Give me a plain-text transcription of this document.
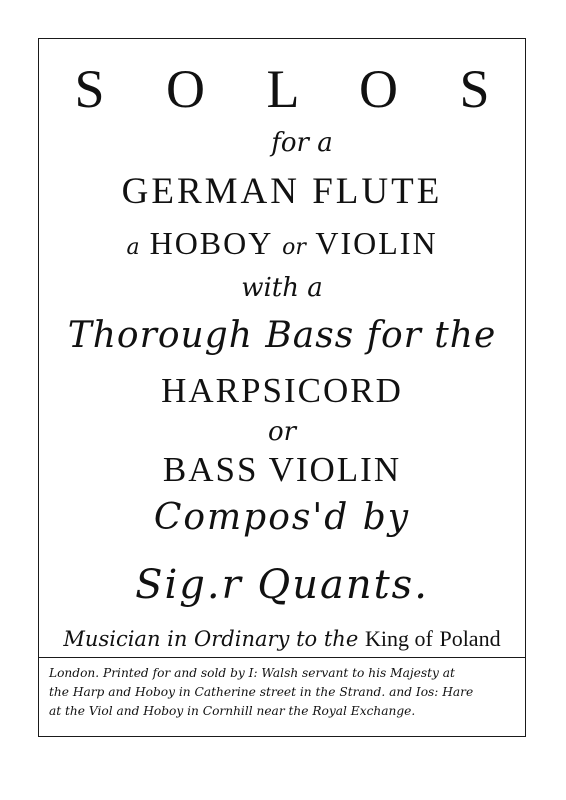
S O L O S
for a
GERMAN FLUTE
a HOBOY or VIOLIN
with a
Thorough Bass for the
HARPSICORD
or
BASS VIOLIN
Compos'd by
Sig.r Quants.
Musician in Ordinary to the King of Poland

London. Printed for and sold by I: Walsh servant to his Majesty at

the Harp and Hoboy in Catherine street in the Strand. and Ios: Hare

at the Viol and Hoboy in Cornhill near the Royal Exchange.
